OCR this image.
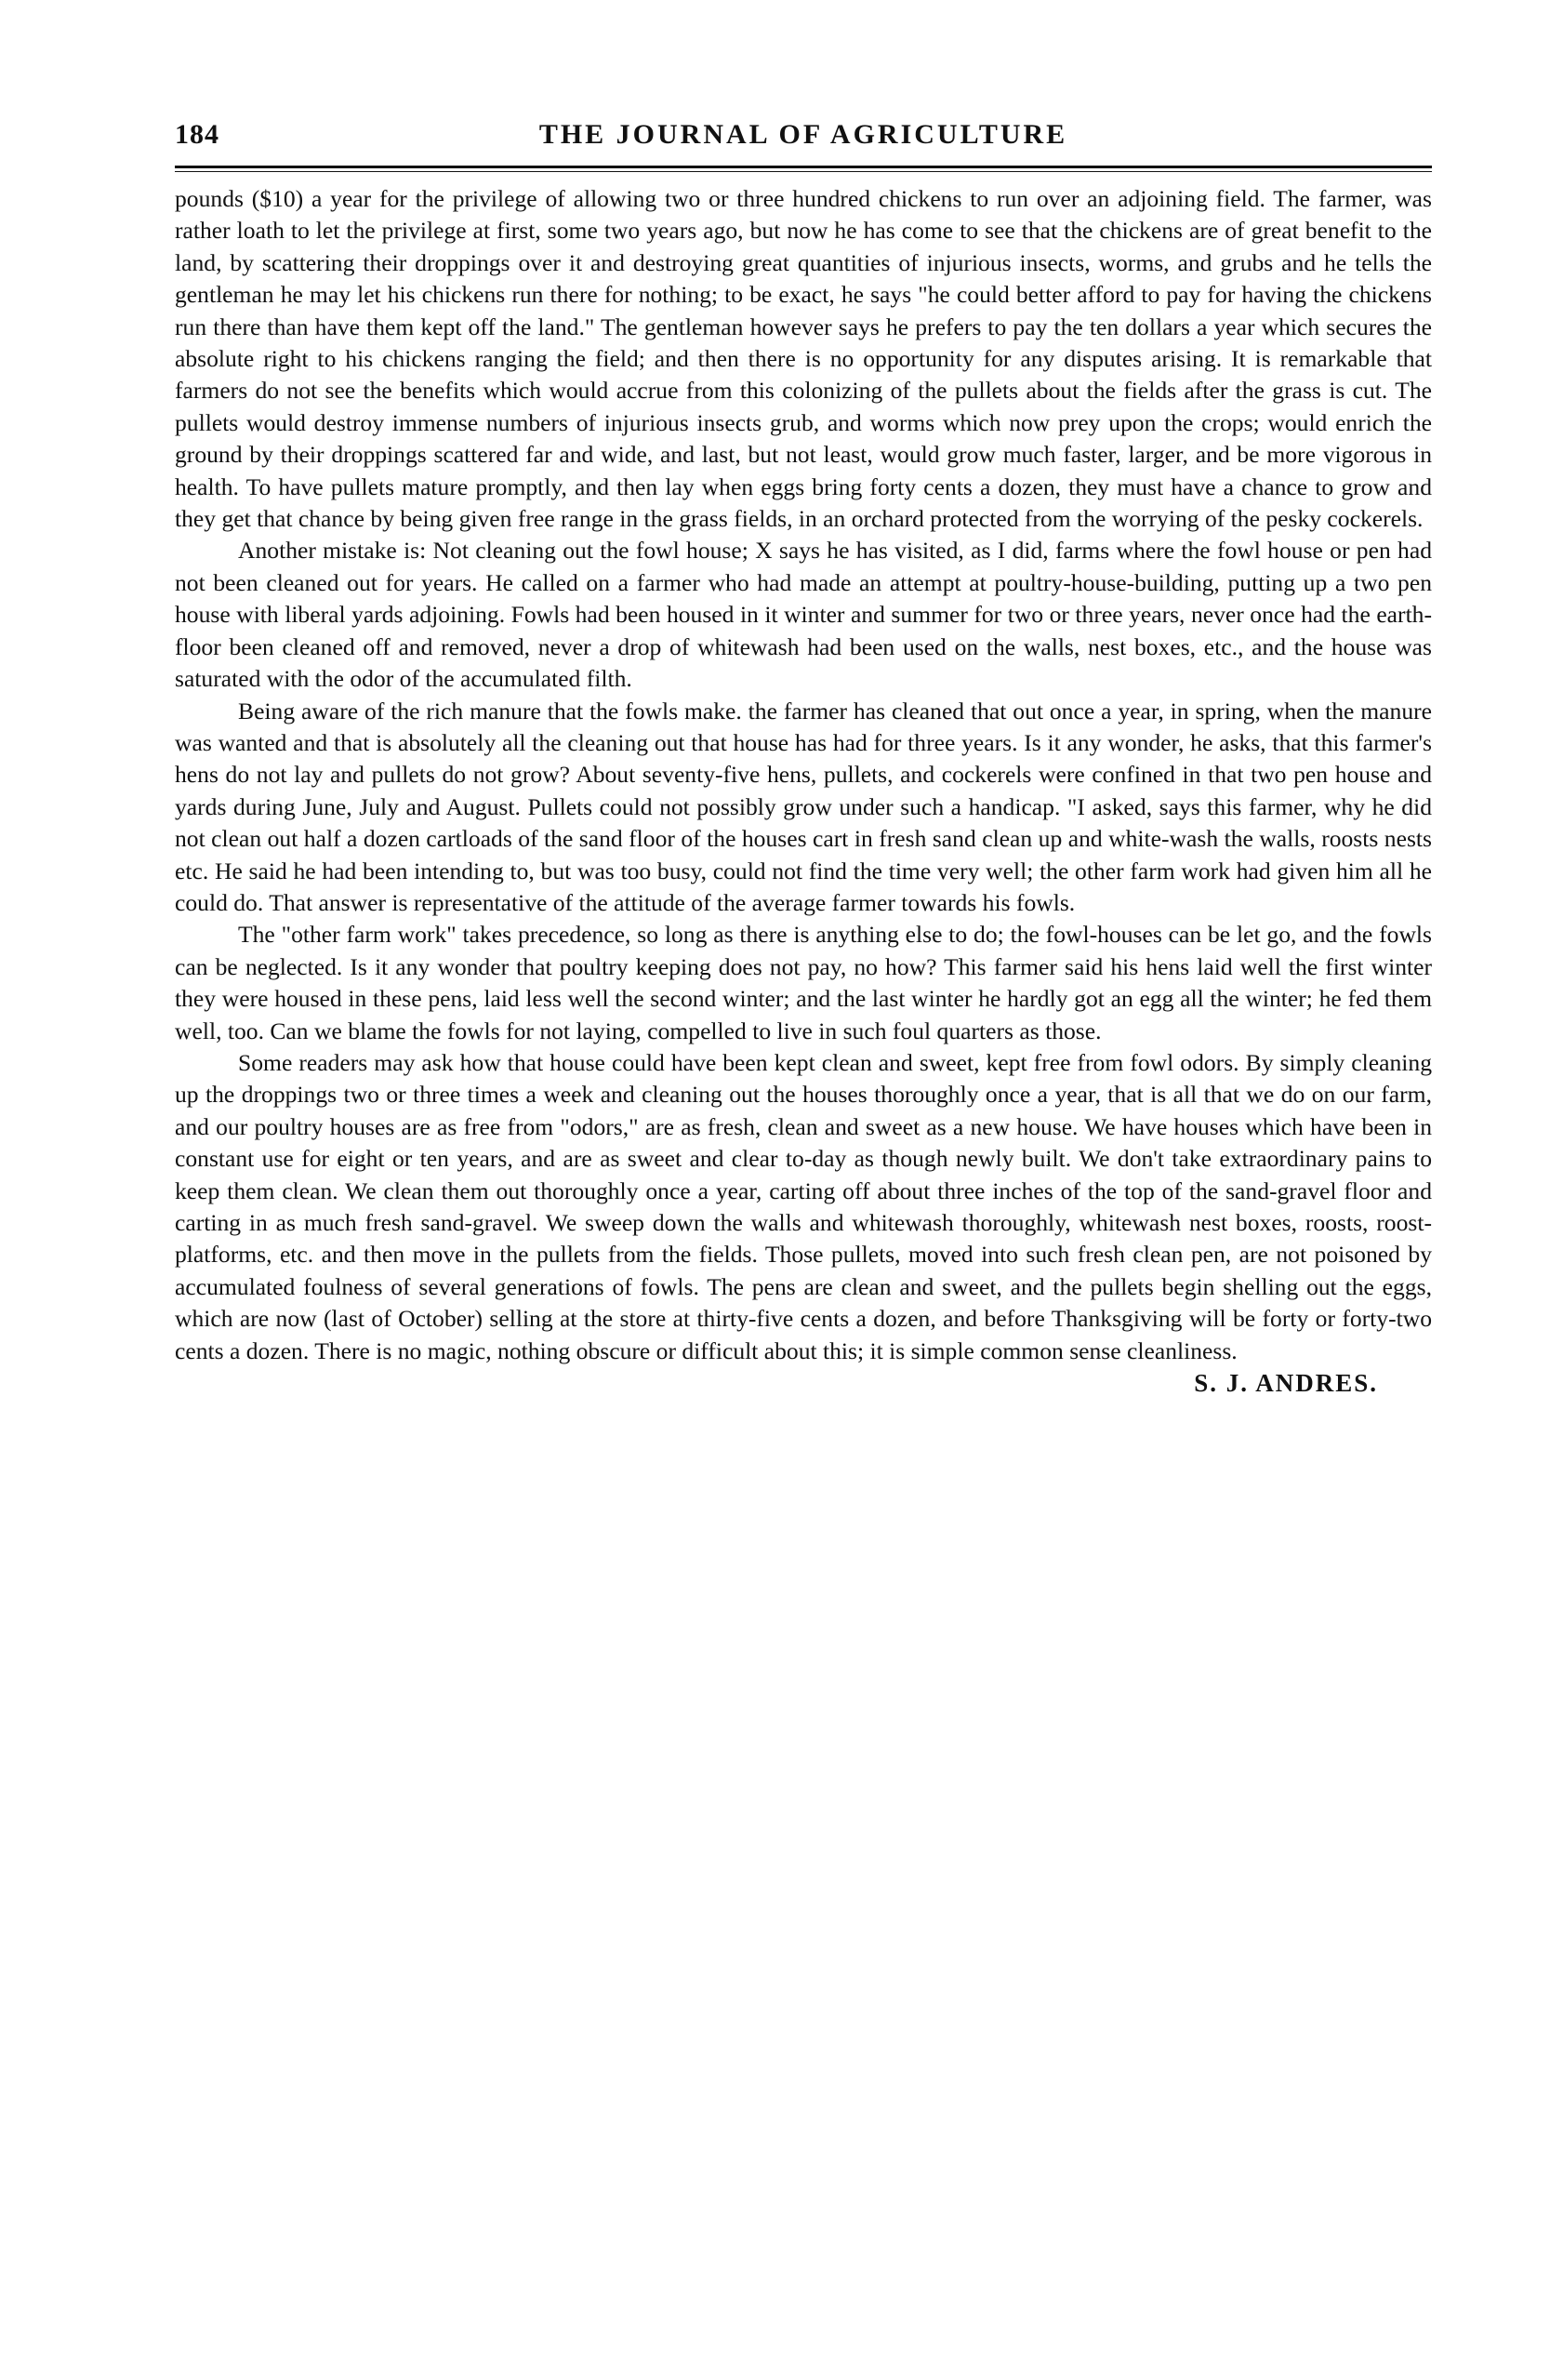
184	THE JOURNAL OF AGRICULTURE

pounds ($10) a year for the privilege of allowing two or three hundred chickens to run over an adjoining field. The farmer, was rather loath to let the privilege at first, some two years ago, but now he has come to see that the chickens are of great benefit to the land, by scattering their droppings over it and destroying great quantities of injurious insects, worms, and grubs and he tells the gentleman he may let his chickens run there for nothing; to be exact, he says "he could better afford to pay for having the chickens run there than have them kept off the land." The gentleman however says he prefers to pay the ten dollars a year which secures the absolute right to his chickens ranging the field; and then there is no opportunity for any disputes arising. It is remarkable that farmers do not see the benefits which would accrue from this colonizing of the pullets about the fields after the grass is cut. The pullets would destroy immense numbers of injurious insects grub, and worms which now prey upon the crops; would enrich the ground by their droppings scattered far and wide, and last, but not least, would grow much faster, larger, and be more vigorous in health. To have pullets mature promptly, and then lay when eggs bring forty cents a dozen, they must have a chance to grow and they get that chance by being given free range in the grass fields, in an orchard protected from the worrying of the pesky cockerels.

Another mistake is: Not cleaning out the fowl house; X says he has visited, as I did, farms where the fowl house or pen had not been cleaned out for years. He called on a farmer who had made an attempt at poultry-house-building, putting up a two pen house with liberal yards adjoining. Fowls had been housed in it winter and summer for two or three years, never once had the earth-floor been cleaned off and removed, never a drop of whitewash had been used on the walls, nest boxes, etc., and the house was saturated with the odor of the accumulated filth.

Being aware of the rich manure that the fowls make. the farmer has cleaned that out once a year, in spring, when the manure was wanted and that is absolutely all the cleaning out that house has had for three years. Is it any wonder, he asks, that this farmer's hens do not lay and pullets do not grow? About seventy-five hens, pullets, and cockerels were confined in that two pen house and yards during June, July and August. Pullets could not possibly grow under such a handicap. "I asked, says this farmer, why he did not clean out half a dozen cartloads of the sand floor of the houses cart in fresh sand clean up and white-wash the walls, roosts nests etc. He said he had been intending to, but was too busy, could not find the time very well; the other farm work had given him all he could do. That answer is representative of the attitude of the average farmer towards his fowls.

The "other farm work" takes precedence, so long as there is anything else to do; the fowl-houses can be let go, and the fowls can be neglected. Is it any wonder that poultry keeping does not pay, no how? This farmer said his hens laid well the first winter they were housed in these pens, laid less well the second winter; and the last winter he hardly got an egg all the winter; he fed them well, too. Can we blame the fowls for not laying, compelled to live in such foul quarters as those.

Some readers may ask how that house could have been kept clean and sweet, kept free from fowl odors. By simply cleaning up the droppings two or three times a week and cleaning out the houses thoroughly once a year, that is all that we do on our farm, and our poultry houses are as free from "odors," are as fresh, clean and sweet as a new house. We have houses which have been in constant use for eight or ten years, and are as sweet and clear to-day as though newly built. We don't take extraordinary pains to keep them clean. We clean them out thoroughly once a year, carting off about three inches of the top of the sand-gravel floor and carting in as much fresh sand-gravel. We sweep down the walls and whitewash thoroughly, whitewash nest boxes, roosts, roost-platforms, etc. and then move in the pullets from the fields. Those pullets, moved into such fresh clean pen, are not poisoned by accumulated foulness of several generations of fowls. The pens are clean and sweet, and the pullets begin shelling out the eggs, which are now (last of October) selling at the store at thirty-five cents a dozen, and before Thanksgiving will be forty or forty-two cents a dozen. There is no magic, nothing obscure or difficult about this; it is simple common sense cleanliness.

S. J. ANDRES.
